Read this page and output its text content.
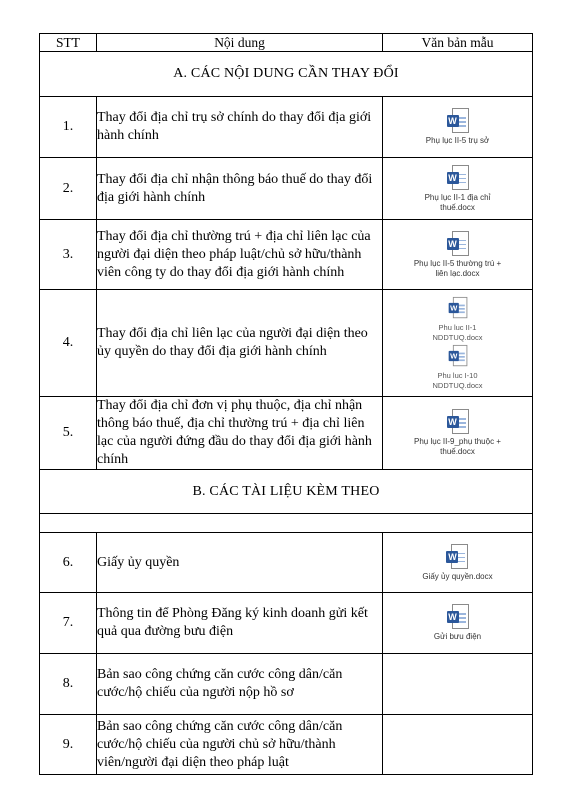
STT	Nội dung	Văn bản mẫu
A. CÁC NỘI DUNG CẦN THAY ĐỔI		
1.	Thay đổi địa chỉ trụ sở chính do thay đổi địa giới hành chính	W
Phụ lục II-5 trụ sở

2.	Thay đổi địa chỉ nhận thông báo thuế do thay đổi địa giới hành chính	W
Phụ lục II-1 địa chỉ thuế.docx

3.	Thay đổi địa chỉ thường trú + địa chỉ liên lạc của người đại diện theo pháp luật/chủ sở hữu/thành viên công ty do thay đổi địa giới hành chính	W
Phụ lục II-5 thường trú + liên lạc.docx

4.	Thay đổi địa chỉ liên lạc của người đại diện theo ủy quyền do thay đổi địa giới hành chính	W
Phu luc II-1 NDDTUQ.docx

W
Phu luc I-10 NDDTUQ.docx

5.	Thay đổi địa chỉ đơn vị phụ thuộc, địa chỉ nhận thông báo thuế, địa chỉ thường trú + địa chỉ liên lạc của người đứng đầu do thay đổi địa giới hành chính	W
Phụ lục II-9_phụ thuộc + thuế.docx

B. CÁC TÀI LIỆU KÈM THEO		

6.	Giấy ủy quyền	W
Giấy ủy quyền.docx

7.	Thông tin để Phòng Đăng ký kinh doanh gửi kết quả qua đường bưu điện	W
Gửi bưu điện

8.	Bản sao công chứng căn cước công dân/căn cước/hộ chiếu của người nộp hồ sơ	
9.	Bản sao công chứng căn cước công dân/căn cước/hộ chiếu của người chủ sở hữu/thành viên/người đại diện theo pháp luật	
